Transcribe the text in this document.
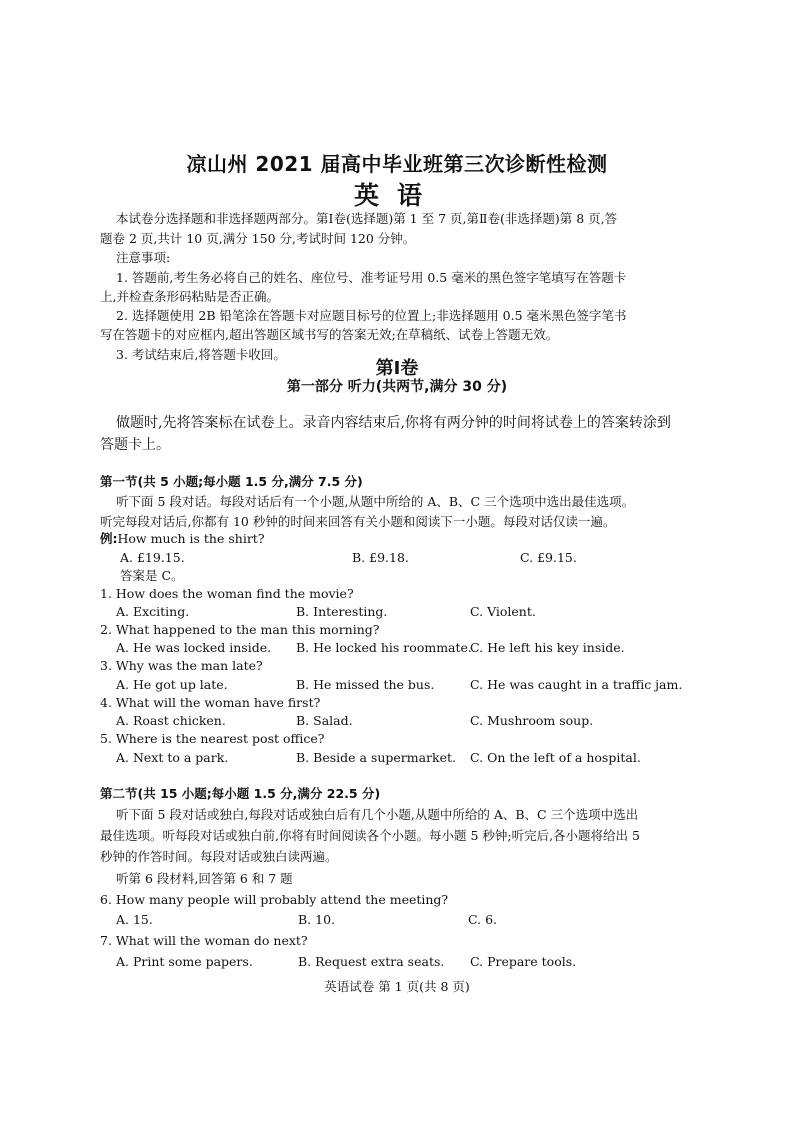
凉山州 2021 届高中毕业班第三次诊断性检测
英语
本试卷分选择题和非选择题两部分。第Ⅰ卷(选择题)第 1 至 7 页,第Ⅱ卷(非选择题)第 8 页,答
题卷 2 页,共计 10 页,满分 150 分,考试时间 120 分钟。
注意事项:
1. 答题前,考生务必将自己的姓名、座位号、准考证号用 0.5 毫米的黑色签字笔填写在答题卡
上,并检查条形码粘贴是否正确。
2. 选择题使用 2B 铅笔涂在答题卡对应题目标号的位置上;非选择题用 0.5 毫米黑色签字笔书
写在答题卡的对应框内,超出答题区域书写的答案无效;在草稿纸、试卷上答题无效。
3. 考试结束后,将答题卡收回。
第Ⅰ卷
第一部分 听力(共两节,满分 30 分)
做题时,先将答案标在试卷上。录音内容结束后,你将有两分钟的时间将试卷上的答案转涂到
答题卡上。
第一节(共 5 小题;每小题 1.5 分,满分 7.5 分)
听下面 5 段对话。每段对话后有一个小题,从题中所给的 A、B、C 三个选项中选出最佳选项。
听完每段对话后,你都有 10 秒钟的时间来回答有关小题和阅读下一小题。每段对话仅读一遍。
例:How much is the shirt?
A. £19.15.	B. £9.18.	C. £9.15.
答案是 C。
1. How does the woman find the movie?
A. Exciting.	B. Interesting.	C. Violent.
2. What happened to the man this morning?
A. He was locked inside. B. He locked his roommate.
C. He left his key inside.
3. Why was the man late?
A. He got up late.	B. He missed the bus.	C. He was caught in a traffic jam.
4. What will the woman have first?
A. Roast chicken.	B. Salad.	C. Mushroom soup.
5. Where is the nearest post office?
A. Next to a park.	B. Beside a supermarket. C. On the left of a hospital.
第二节(共 15 小题;每小题 1.5 分,满分 22.5 分)
听下面 5 段对话或独白,每段对话或独白后有几个小题,从题中所给的 A、B、C 三个选项中选出
最佳选项。听每段对话或独白前,你将有时间阅读各个小题。每小题 5 秒钟;听完后,各小题将给出 5
秒钟的作答时间。每段对话或独白读两遍。
听第 6 段材料,回答第 6 和 7 题
6. How many people will probably attend the meeting?
A. 15.	B. 10.	C. 6.
7. What will the woman do next?
A. Print some papers.	B. Request extra seats. C. Prepare tools.
英语试卷 第 1 页(共 8 页)
